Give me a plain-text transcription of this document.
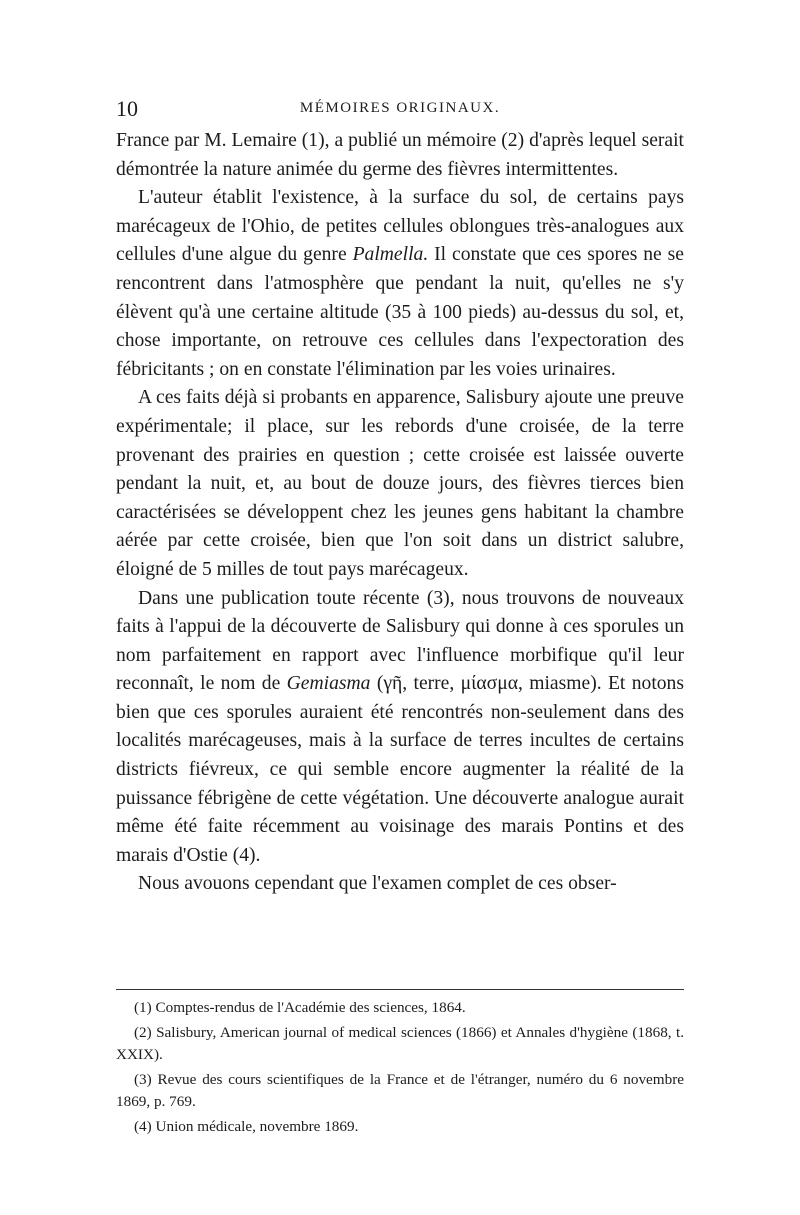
10	MÉMOIRES ORIGINAUX.

France par M. Lemaire (1), a publié un mémoire (2) d'après lequel serait démontrée la nature animée du germe des fièvres intermittentes.

L'auteur établit l'existence, à la surface du sol, de certains pays marécageux de l'Ohio, de petites cellules oblongues très-analogues aux cellules d'une algue du genre Palmella. Il constate que ces spores ne se rencontrent dans l'atmosphère que pendant la nuit, qu'elles ne s'y élèvent qu'à une certaine altitude (35 à 100 pieds) au-dessus du sol, et, chose importante, on retrouve ces cellules dans l'expectoration des fébricitants ; on en constate l'élimination par les voies urinaires.

A ces faits déjà si probants en apparence, Salisbury ajoute une preuve expérimentale; il place, sur les rebords d'une croisée, de la terre provenant des prairies en question ; cette croisée est laissée ouverte pendant la nuit, et, au bout de douze jours, des fièvres tierces bien caractérisées se développent chez les jeunes gens habitant la chambre aérée par cette croisée, bien que l'on soit dans un district salubre, éloigné de 5 milles de tout pays marécageux.

Dans une publication toute récente (3), nous trouvons de nouveaux faits à l'appui de la découverte de Salisbury qui donne à ces sporules un nom parfaitement en rapport avec l'influence morbifique qu'il leur reconnaît, le nom de Gemiasma (γῆ, terre, μίασμα, miasme). Et notons bien que ces sporules auraient été rencontrés non-seulement dans des localités marécageuses, mais à la surface de terres incultes de certains districts fiévreux, ce qui semble encore augmenter la réalité de la puissance fébrigène de cette végétation. Une découverte analogue aurait même été faite récemment au voisinage des marais Pontins et des marais d'Ostie (4).

Nous avouons cependant que l'examen complet de ces obser-

(1) Comptes-rendus de l'Académie des sciences, 1864.

(2) Salisbury, American journal of medical sciences (1866) et Annales d'hygiène (1868, t. XXIX).

(3) Revue des cours scientifiques de la France et de l'étranger, numéro du 6 novembre 1869, p. 769.

(4) Union médicale, novembre 1869.
